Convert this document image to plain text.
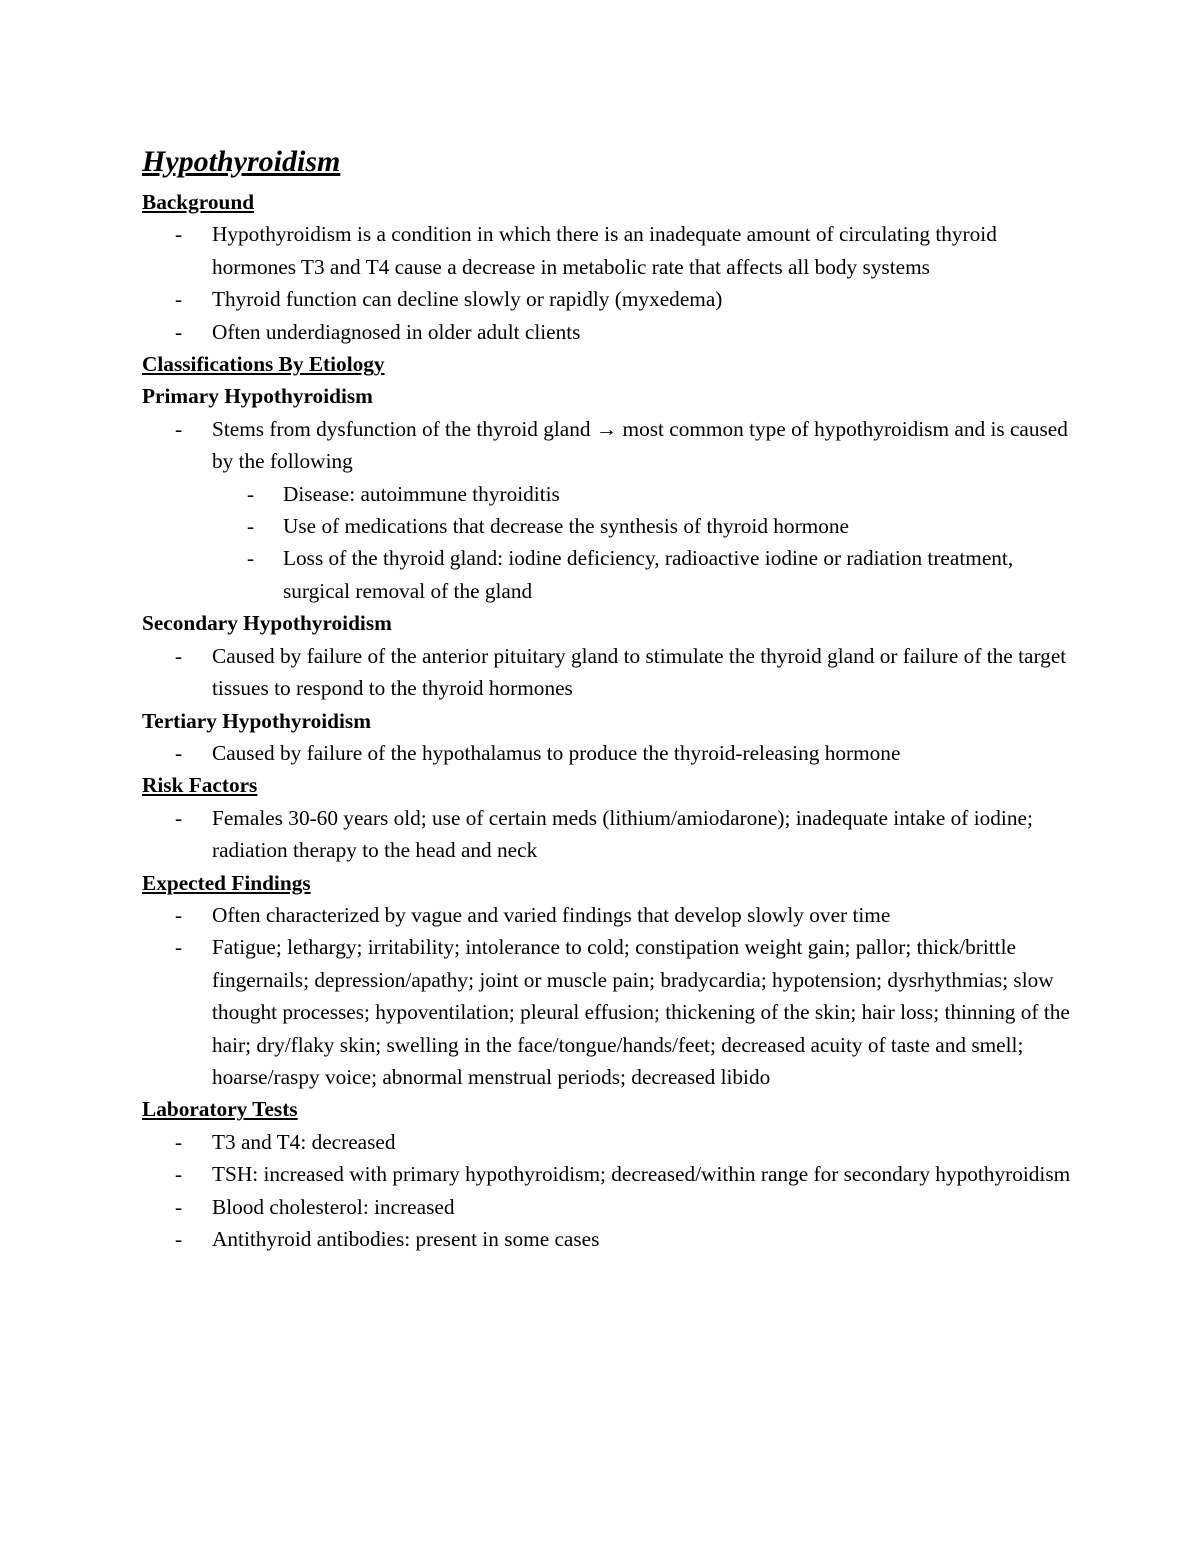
Hypothyroidism
Background
- Hypothyroidism is a condition in which there is an inadequate amount of circulating thyroid hormones T3 and T4 cause a decrease in metabolic rate that affects all body systems
- Thyroid function can decline slowly or rapidly (myxedema)
- Often underdiagnosed in older adult clients
Classifications By Etiology
Primary Hypothyroidism
- Stems from dysfunction of the thyroid gland → most common type of hypothyroidism and is caused by the following
- Disease: autoimmune thyroiditis
- Use of medications that decrease the synthesis of thyroid hormone
- Loss of the thyroid gland: iodine deficiency, radioactive iodine or radiation treatment, surgical removal of the gland
Secondary Hypothyroidism
- Caused by failure of the anterior pituitary gland to stimulate the thyroid gland or failure of the target tissues to respond to the thyroid hormones
Tertiary Hypothyroidism
- Caused by failure of the hypothalamus to produce the thyroid-releasing hormone
Risk Factors
- Females 30-60 years old; use of certain meds (lithium/amiodarone); inadequate intake of iodine; radiation therapy to the head and neck
Expected Findings
- Often characterized by vague and varied findings that develop slowly over time
- Fatigue; lethargy; irritability; intolerance to cold; constipation weight gain; pallor; thick/brittle fingernails; depression/apathy; joint or muscle pain; bradycardia; hypotension; dysrhythmias; slow thought processes; hypoventilation; pleural effusion; thickening of the skin; hair loss; thinning of the hair; dry/flaky skin; swelling in the face/tongue/hands/feet; decreased acuity of taste and smell; hoarse/raspy voice; abnormal menstrual periods; decreased libido
Laboratory Tests
- T3 and T4: decreased
- TSH: increased with primary hypothyroidism; decreased/within range for secondary hypothyroidism
- Blood cholesterol: increased
- Antithyroid antibodies: present in some cases
